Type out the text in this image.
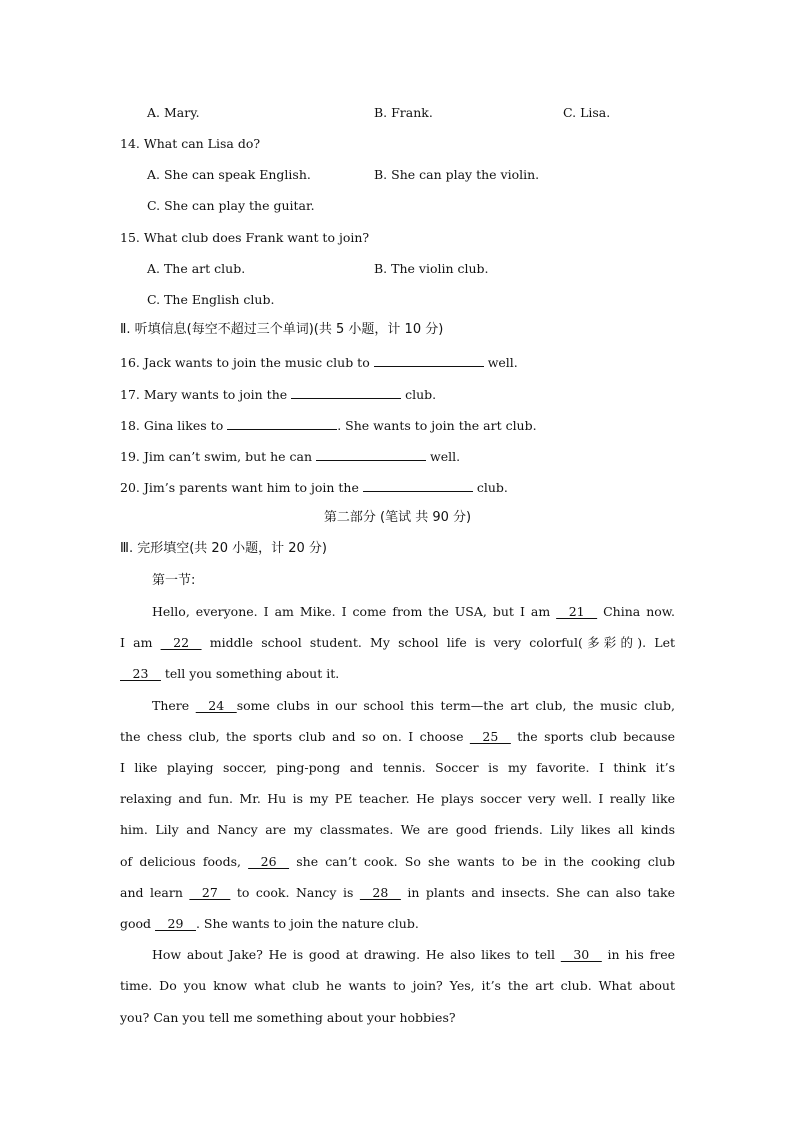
A. Mary.	B. Frank.	C. Lisa.
14. What can Lisa do?
A. She can speak English.	B. She can play the violin.
C. She can play the guitar.
15. What club does Frank want to join?
A. The art club.	B. The violin club.
C. The English club.
Ⅱ. 听填信息(每空不超过三个单词)(共 5 小题，计 10 分)
16. Jack wants to join the music club to	well.
17. Mary wants to join the	club.
18. Gina likes to	. She wants to join the art club.
19. Jim can’t swim, but he can	well.
20. Jim’s parents want him to join the	club.
第二部分 (笔试 共 90 分)
Ⅲ. 完形填空(共 20 小题，计 20 分)
第一节:
Hello, everyone. I am Mike. I come from the USA, but I am __21__ China now.
I am __22__ middle school student. My school life is very colorful(多彩的). Let
__23__ tell you something about it.
There __24__some clubs in our school this term—the art club, the music club,
the chess club, the sports club and so on. I choose __25__ the sports club because
I like playing soccer, ping-pong and tennis. Soccer is my favorite. I think it’s
relaxing and fun. Mr. Hu is my PE teacher. He plays soccer very well. I really like
him. Lily and Nancy are my classmates. We are good friends. Lily likes all kinds
of delicious foods, __26__ she can’t cook. So she wants to be in the cooking club
and learn __27__ to cook. Nancy is __28__ in plants and insects. She can also take
good __29__. She wants to join the nature club.
How about Jake? He is good at drawing. He also likes to tell __30__ in his free
time. Do you know what club he wants to join? Yes, it’s the art club. What about
you? Can you tell me something about your hobbies?
